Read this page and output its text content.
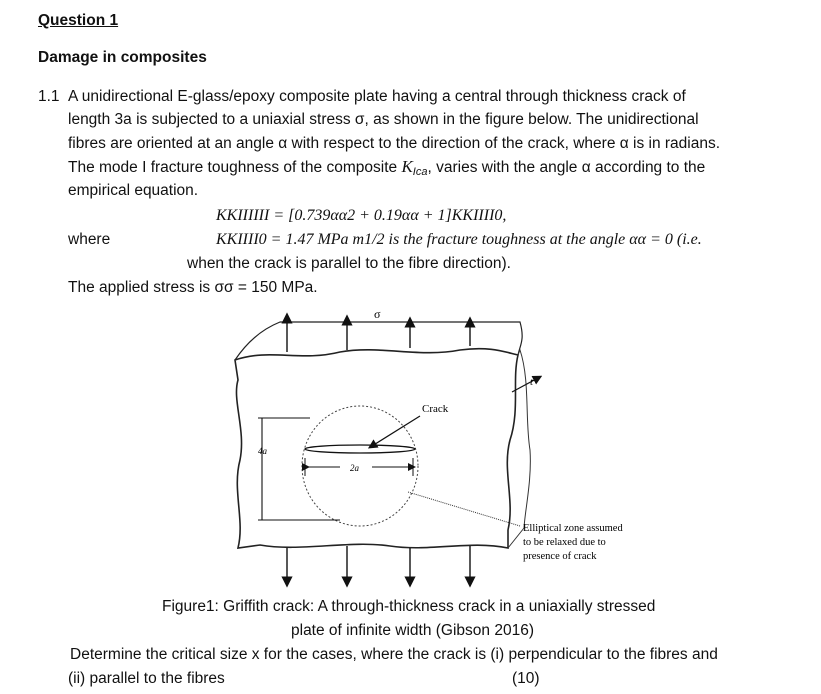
Question 1
Damage in composites
1.1 A unidirectional E-glass/epoxy composite plate having a central through thickness crack of
length 3a is subjected to a uniaxial stress σ, as shown in the figure below. The unidirectional
fibres are oriented at an angle α with respect to the direction of the crack, where α is in radians.
The mode I fracture toughness of the composite $K_{Ica}$, varies with the angle α according to the
empirical equation.
KKIIIIII = [0.739αα2 + 0.19αα + 1]KKIIII0,
where	KKIIII0 = 1.47 MPa m1/2 is the fracture toughness at the angle αα = 0 (i.e.
when the crack is parallel to the fibre direction).
The applied stress is σσ = 150 MPa.
σ
t
Crack
4a
2a
Elliptical zone assumed
to be relaxed due to
presence of crack
Figure1: Griffith crack: A through-thickness crack in a uniaxially stressed
plate of infinite width (Gibson 2016)
Determine the critical size x for the cases, where the crack is (i) perpendicular to the fibres and
(ii) parallel to the fibres	(10)
